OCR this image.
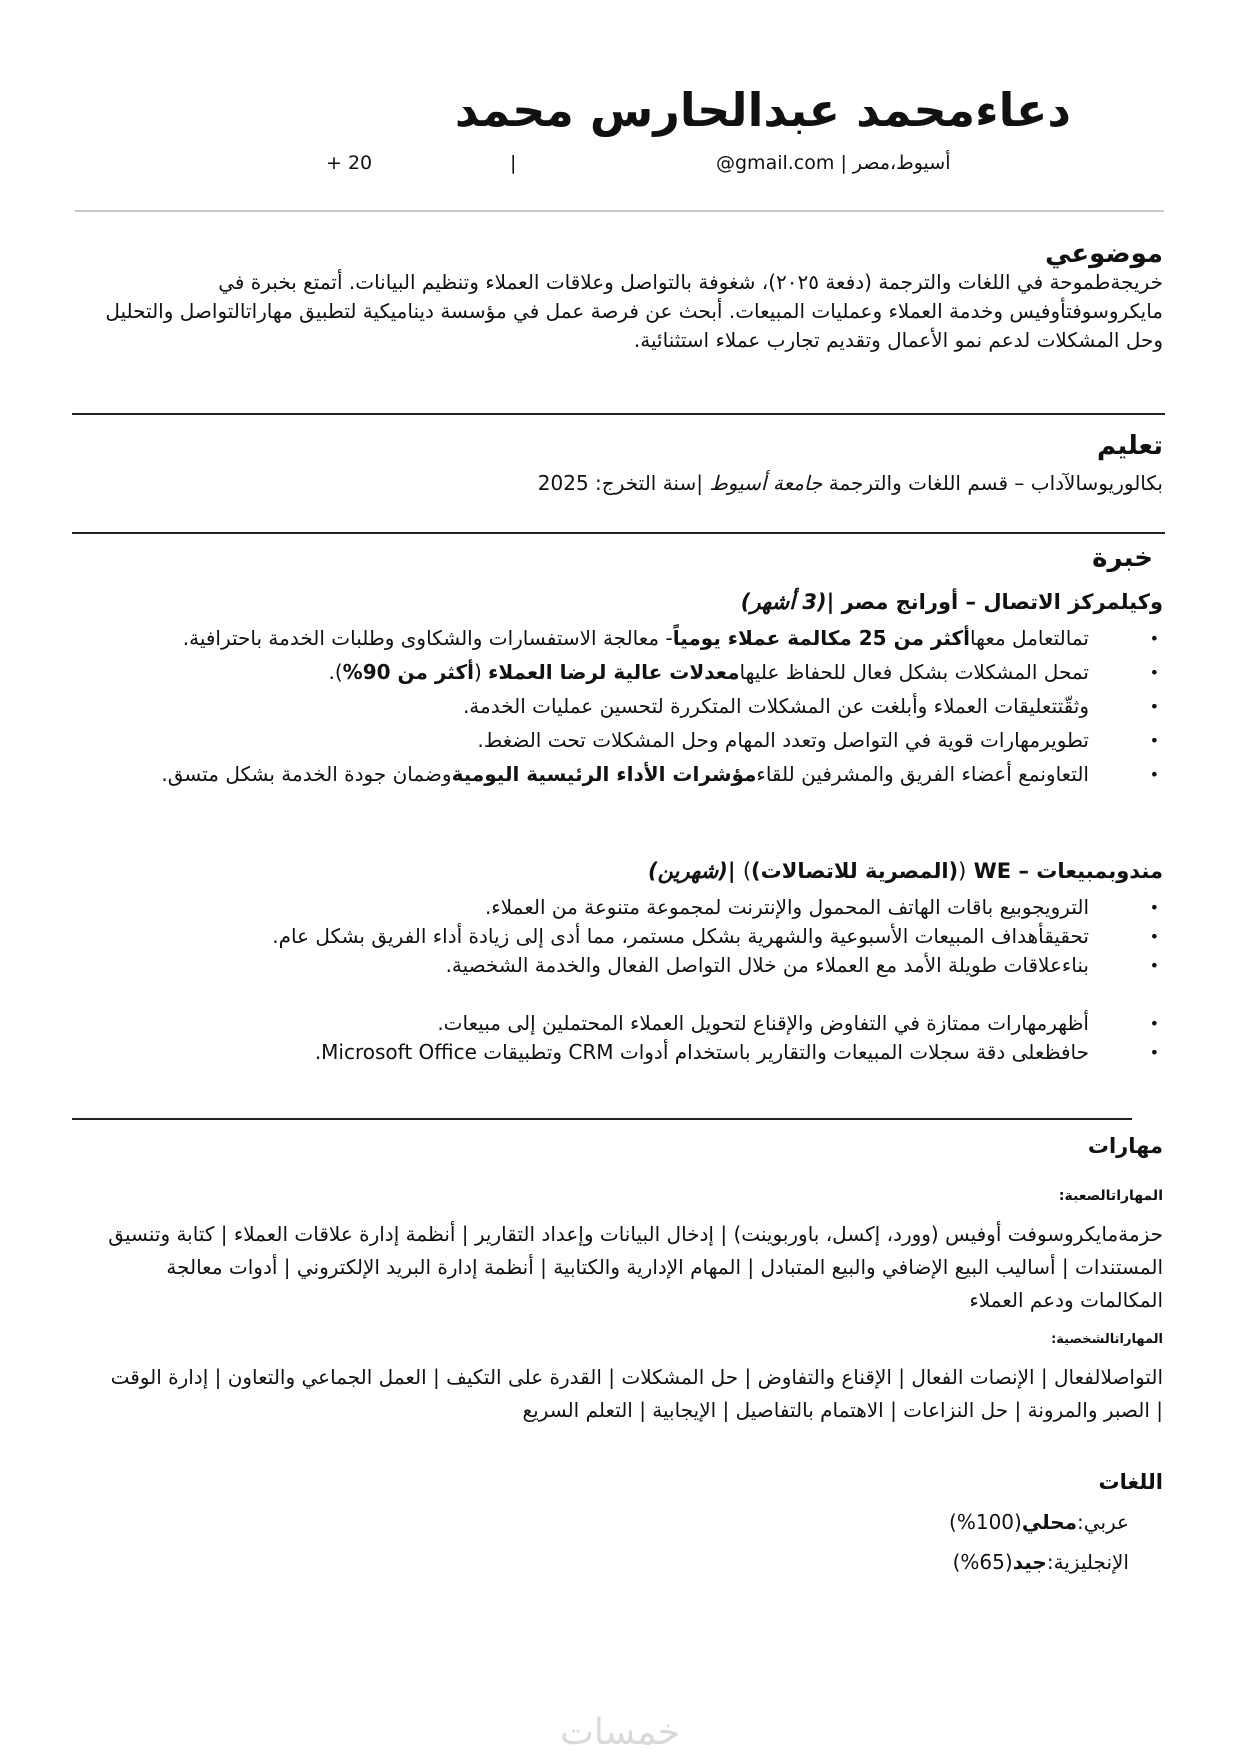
دعاءمحمد عبدالحارس محمد
+ 20	|	@gmail.com | أسيوط،مصر
موضوعي

خريجةطموحة في اللغات والترجمة (دفعة ٢٠٢٥)، شغوفة بالتواصل وعلاقات العملاء وتنظيم البيانات. أتمتع بخبرة في مايكروسوفتأوفيس وخدمة العملاء وعمليات المبيعات. أبحث عن فرصة عمل في مؤسسة ديناميكية لتطبيق مهاراتالتواصل والتحليل وحل المشكلات لدعم نمو الأعمال وتقديم تجارب عملاء استثنائية.

تعليم

بكالوريوسالآداب – قسم اللغات والترجمة جامعة أسيوط |سنة التخرج: 2025

خبرة

وكيلمركز الاتصال – أورانج مصر |(3 أشهر)

• تمالتعامل معهاأكثر من 25 مكالمة عملاء يومياً- معالجة الاستفسارات والشكاوى وطلبات الخدمة باحترافية.
• تمحل المشكلات بشكل فعال للحفاظ عليهامعدلات عالية لرضا العملاء (أكثر من 90%).
• وثقّتتعليقات العملاء وأبلغت عن المشكلات المتكررة لتحسين عمليات الخدمة.
• تطويرمهارات قوية في التواصل وتعدد المهام وحل المشكلات تحت الضغط.
• التعاونمع أعضاء الفريق والمشرفين للقاءمؤشرات الأداء الرئيسية اليوميةوضمان جودة الخدمة بشكل متسق.

مندوبمبيعات – WE ((المصرية للاتصالات)) |(شهرين)

• الترويجوبيع باقات الهاتف المحمول والإنترنت لمجموعة متنوعة من العملاء.
• تحقيقأهداف المبيعات الأسبوعية والشهرية بشكل مستمر، مما أدى إلى زيادة أداء الفريق بشكل عام.
• بناءعلاقات طويلة الأمد مع العملاء من خلال التواصل الفعال والخدمة الشخصية.
• أظهرمهارات ممتازة في التفاوض والإقناع لتحويل العملاء المحتملين إلى مبيعات.
• حافظعلى دقة سجلات المبيعات والتقارير باستخدام أدوات CRM وتطبيقات Microsoft Office.
مهارات
المهاراتالصعبة:

حزمةمايكروسوفت أوفيس (وورد، إكسل، باوربوينت) | إدخال البيانات وإعداد التقارير | أنظمة إدارة علاقات العملاء | كتابة وتنسيق المستندات | أساليب البيع الإضافي والبيع المتبادل | المهام الإدارية والكتابية | أنظمة إدارة البريد الإلكتروني | أدوات معالجة المكالمات ودعم العملاء

المهاراتالشخصية:

التواصلالفعال | الإنصات الفعال | الإقناع والتفاوض | حل المشكلات | القدرة على التكيف | العمل الجماعي والتعاون | إدارة الوقت | الصبر والمرونة | حل النزاعات | الاهتمام بالتفاصيل | الإيجابية | التعلم السريع

اللغات
عربي:محلي(100%)
الإنجليزية:جيد(65%)
خمسات
